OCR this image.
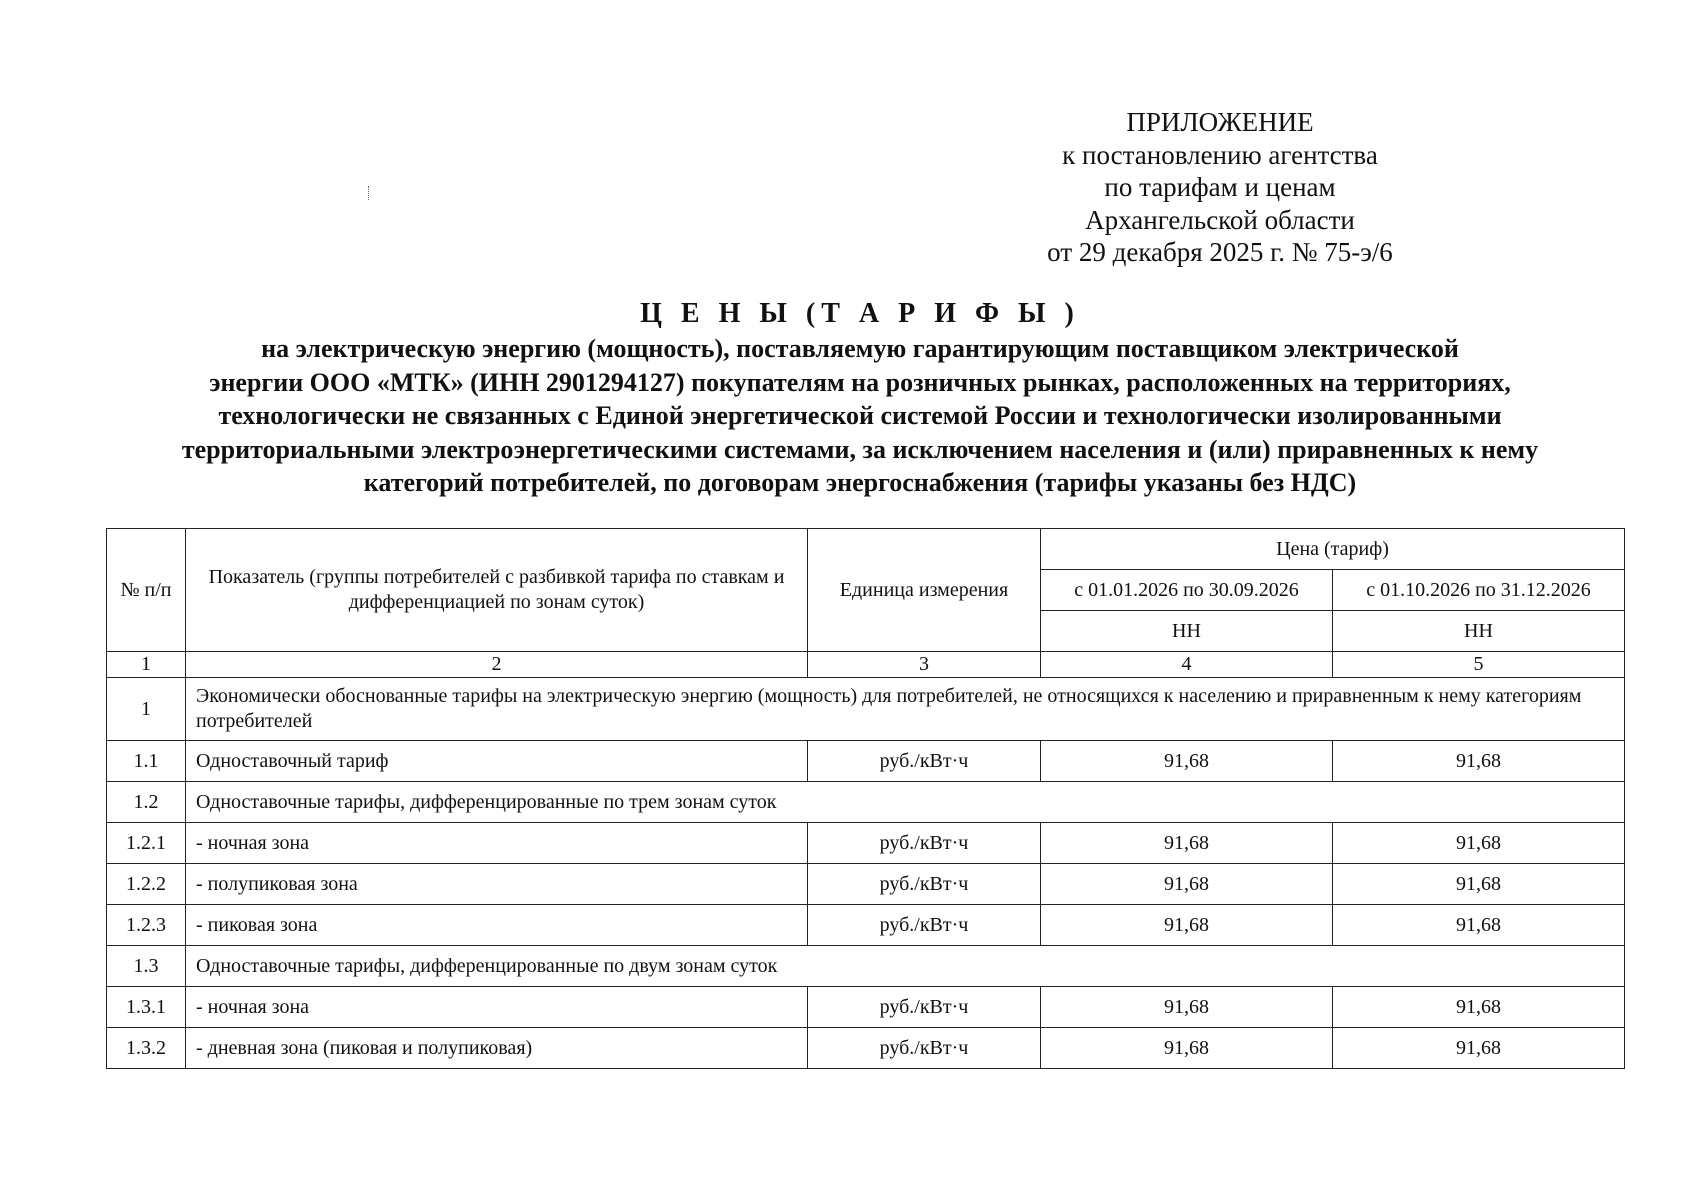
ПРИЛОЖЕНИЕ
к постановлению агентства
по тарифам и ценам
Архангельской области
от 29 декабря 2025 г. № 75-э/6
Ц Е Н Ы (Т А Р И Ф Ы )
на электрическую энергию (мощность), поставляемую гарантирующим поставщиком электрической
энергии ООО «МТК» (ИНН 2901294127) покупателям на розничных рынках, расположенных на территориях,
технологически не связанных с Единой энергетической системой России и технологически изолированными
территориальными электроэнергетическими системами, за исключением населения и (или) приравненных к нему
категорий потребителей, по договорам энергоснабжения (тарифы указаны без НДС)
№ п/п	Показатель (группы потребителей с разбивкой тарифа по ставкам и дифференциацией по зонам суток)	Единица измерения	Цена (тариф)	
			с 01.01.2026 по 30.09.2026	с 01.10.2026 по 31.12.2026
			НН	НН
1	2	3	4	5
1	Экономически обоснованные тарифы на электрическую энергию (мощность) для потребителей, не относящихся к населению и приравненным к нему категориям потребителей			
1.1	Одноставочный тариф	руб./кВт·ч	91,68	91,68
1.2	Одноставочные тарифы, дифференцированные по трем зонам суток			
1.2.1	- ночная зона	руб./кВт·ч	91,68	91,68
1.2.2	- полупиковая зона	руб./кВт·ч	91,68	91,68
1.2.3	- пиковая зона	руб./кВт·ч	91,68	91,68
1.3	Одноставочные тарифы, дифференцированные по двум зонам суток			
1.3.1	- ночная зона	руб./кВт·ч	91,68	91,68
1.3.2	- дневная зона (пиковая и полупиковая)	руб./кВт·ч	91,68	91,68
